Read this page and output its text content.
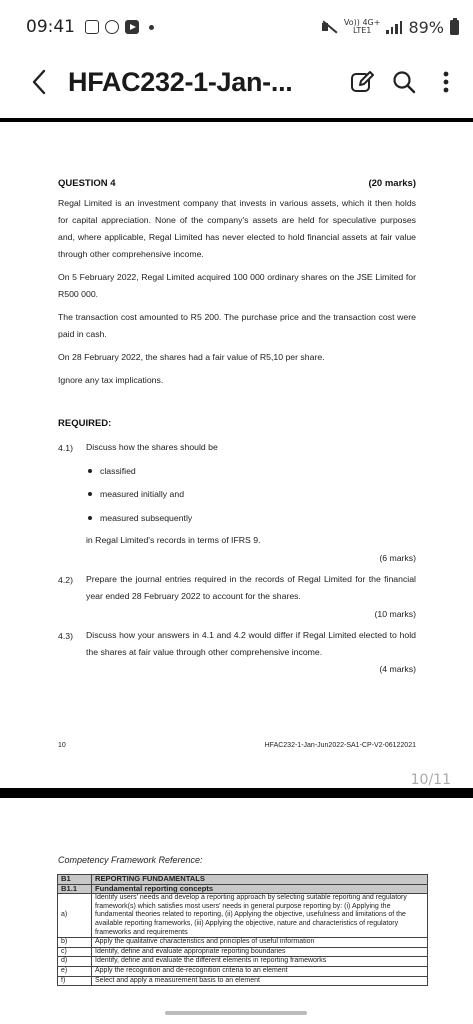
09:41	Vo)) 4G+
LTE1	89%
HFAC232-1-Jan-...
QUESTION 4	(20 marks)

Regal Limited is an investment company that invests in various assets, which it then holds for capital appreciation. None of the company's assets are held for speculative purposes and, where applicable, Regal Limited has never elected to hold financial assets at fair value through other comprehensive income.

On 5 February 2022, Regal Limited acquired 100 000 ordinary shares on the JSE Limited for R500 000.

The transaction cost amounted to R5 200. The purchase price and the transaction cost were paid in cash.

On 28 February 2022, the shares had a fair value of R5,10 per share.

Ignore any tax implications.

REQUIRED:
4.1) Discuss how the shares should be

classified
measured initially and
measured subsequently

in Regal Limited's records in terms of IFRS 9.

(6 marks)
4.2) Prepare the journal entries required in the records of Regal Limited for the financial year ended 28 February 2022 to account for the shares.

(10 marks)
4.3) Discuss how your answers in 4.1 and 4.2 would differ if Regal Limited elected to hold the shares at fair value through other comprehensive income.

(4 marks)
10	HFAC232-1-Jan-Jun2022-SA1-CP-V2-06122021
10/11
Competency Framework Reference:
B1	REPORTING FUNDAMENTALS
B1.1	Fundamental reporting concepts
a)	Identify users' needs and develop a reporting approach by selecting suitable reporting and regulatory framework(s) which satisfies most users' needs in general purpose reporting by: (i) Applying the fundamental theories related to reporting, (ii) Applying the objective, usefulness and limitations of the available reporting frameworks, (iii) Applying the objective, nature and characteristics of regulatory frameworks and requirements
b)	Apply the qualitative characteristics and principles of useful information
c)	Identify, define and evaluate appropriate reporting boundaries
d)	Identify, define and evaluate the different elements in reporting frameworks
e)	Apply the recognition and de-recognition criteria to an element
f)	Select and apply a measurement basis to an element
